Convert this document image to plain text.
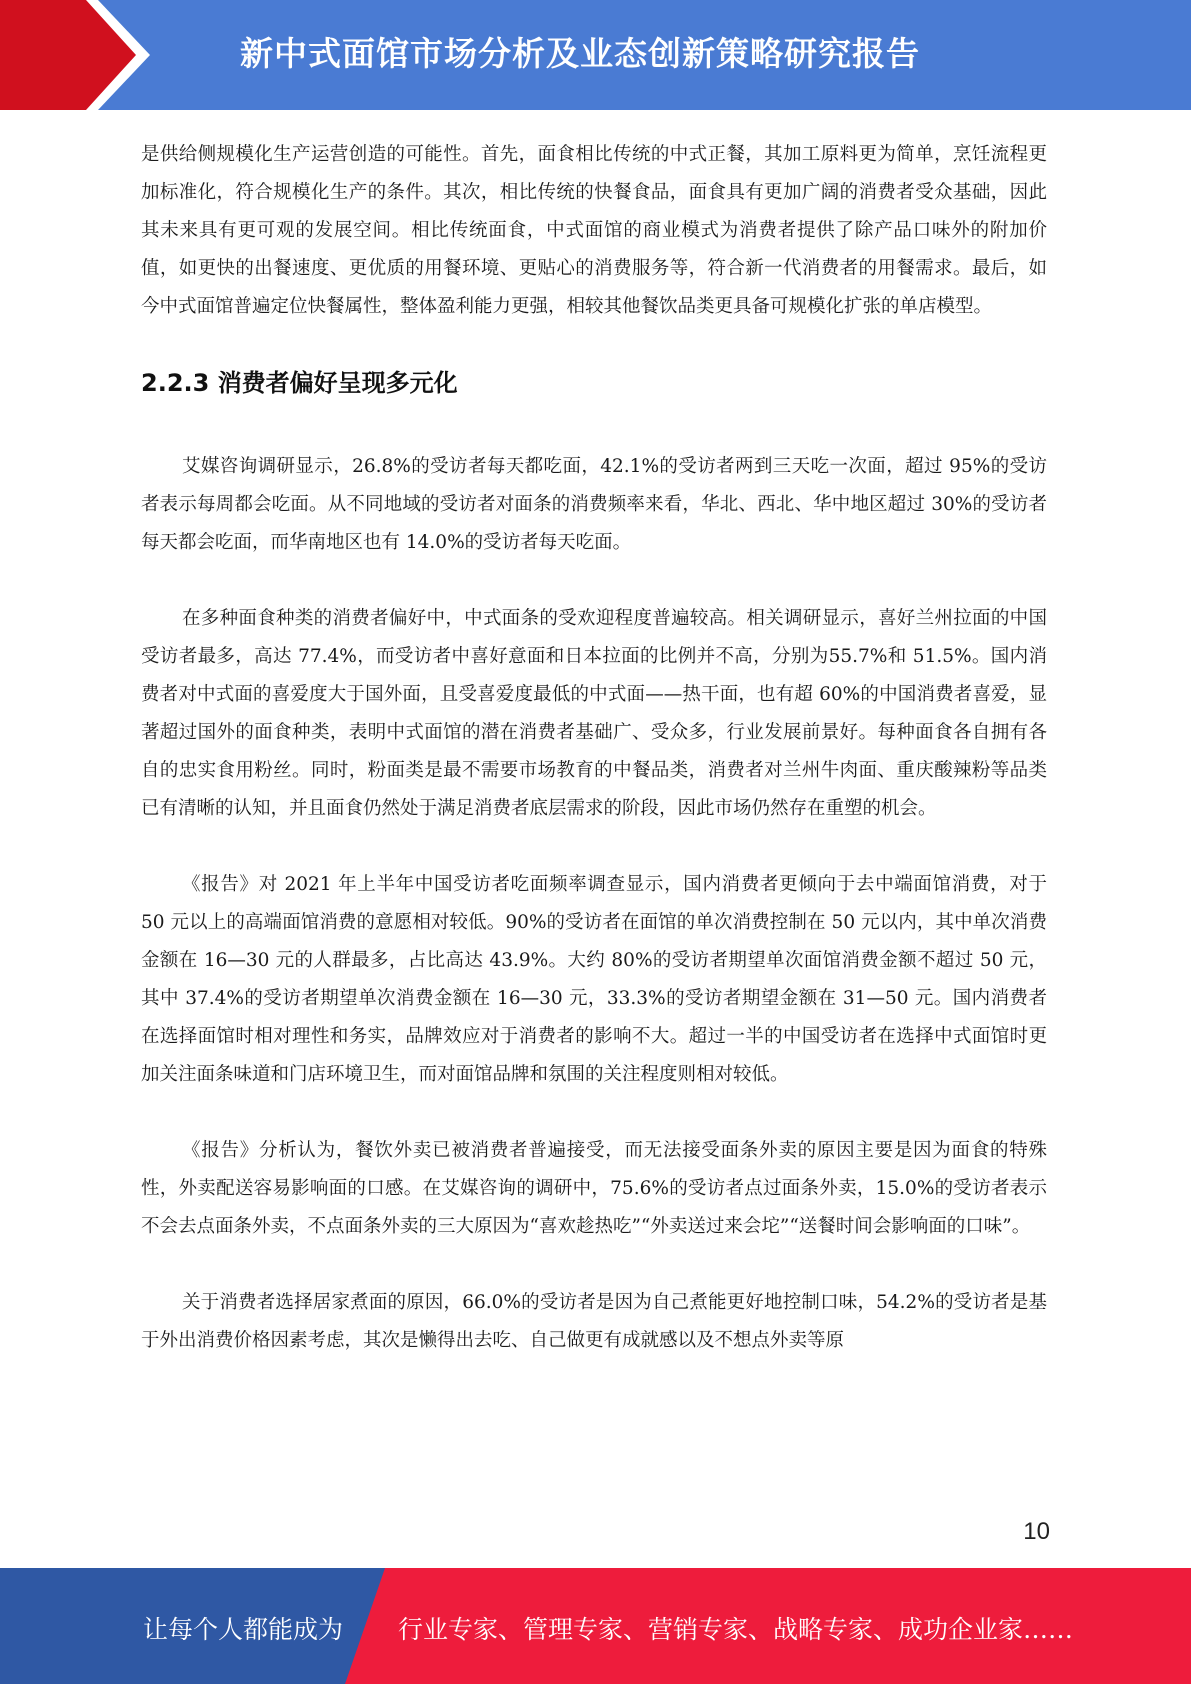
新中式面馆市场分析及业态创新策略研究报告

是供给侧规模化生产运营创造的可能性。首先，面食相比传统的中式正餐，其加工原料更为简单，烹饪流程更加标准化，符合规模化生产的条件。其次，相比传统的快餐食品，面食具有更加广阔的消费者受众基础，因此其未来具有更可观的发展空间。相比传统面食，中式面馆的商业模式为消费者提供了除产品口味外的附加价值，如更快的出餐速度、更优质的用餐环境、更贴心的消费服务等，符合新一代消费者的用餐需求。最后，如今中式面馆普遍定位快餐属性，整体盈利能力更强，相较其他餐饮品类更具备可规模化扩张的单店模型。

2.2.3 消费者偏好呈现多元化

艾媒咨询调研显示，26.8%的受访者每天都吃面，42.1%的受访者两到三天吃一次面，超过 95%的受访者表示每周都会吃面。从不同地域的受访者对面条的消费频率来看，华北、西北、华中地区超过 30%的受访者每天都会吃面，而华南地区也有 14.0%的受访者每天吃面。

在多种面食种类的消费者偏好中，中式面条的受欢迎程度普遍较高。相关调研显示，喜好兰州拉面的中国受访者最多，高达 77.4%，而受访者中喜好意面和日本拉面的比例并不高，分别为55.7%和 51.5%。国内消费者对中式面的喜爱度大于国外面，且受喜爱度最低的中式面——热干面，也有超 60%的中国消费者喜爱，显著超过国外的面食种类，表明中式面馆的潜在消费者基础广、受众多，行业发展前景好。每种面食各自拥有各自的忠实食用粉丝。同时，粉面类是最不需要市场教育的中餐品类，消费者对兰州牛肉面、重庆酸辣粉等品类已有清晰的认知，并且面食仍然处于满足消费者底层需求的阶段，因此市场仍然存在重塑的机会。

《报告》对 2021 年上半年中国受访者吃面频率调查显示，国内消费者更倾向于去中端面馆消费，对于 50 元以上的高端面馆消费的意愿相对较低。90%的受访者在面馆的单次消费控制在 50 元以内，其中单次消费金额在 16—30 元的人群最多，占比高达 43.9%。大约 80%的受访者期望单次面馆消费金额不超过 50 元，其中 37.4%的受访者期望单次消费金额在 16—30 元，33.3%的受访者期望金额在 31—50 元。国内消费者在选择面馆时相对理性和务实，品牌效应对于消费者的影响不大。超过一半的中国受访者在选择中式面馆时更加关注面条味道和门店环境卫生，而对面馆品牌和氛围的关注程度则相对较低。

《报告》分析认为，餐饮外卖已被消费者普遍接受，而无法接受面条外卖的原因主要是因为面食的特殊性，外卖配送容易影响面的口感。在艾媒咨询的调研中，75.6%的受访者点过面条外卖，15.0%的受访者表示不会去点面条外卖，不点面条外卖的三大原因为“喜欢趁热吃”“外卖送过来会坨”“送餐时间会影响面的口味”。

关于消费者选择居家煮面的原因，66.0%的受访者是因为自己煮能更好地控制口味，54.2%的受访者是基于外出消费价格因素考虑，其次是懒得出去吃、自己做更有成就感以及不想点外卖等原

10
让每个人都能成为 行业专家、管理专家、营销专家、战略专家、成功企业家……
